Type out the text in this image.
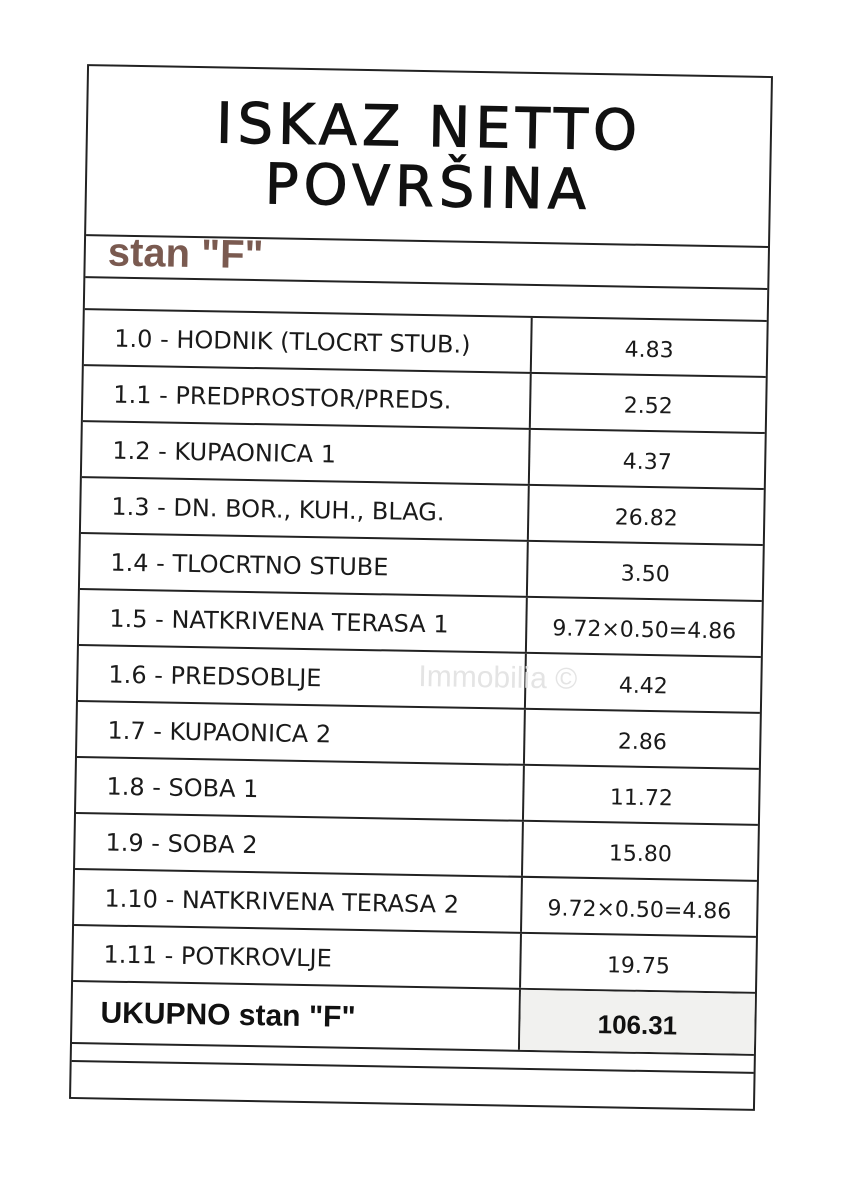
ISKAZ NETTO
POVRŠINA
stan "F"
1.0 - HODNIK (TLOCRT STUB.)	4.83
1.1 - PREDPROSTOR/PREDS.	2.52
1.2 - KUPAONICA 1	4.37
1.3 - DN. BOR., KUH., BLAG.	26.82
1.4 - TLOCRTNO STUBE	3.50
1.5 - NATKRIVENA TERASA 1	9.72×0.50=4.86
1.6 - PREDSOBLJE	4.42
1.7 - KUPAONICA 2	2.86
1.8 - SOBA 1	11.72
1.9 - SOBA 2	15.80
1.10 - NATKRIVENA TERASA 2	9.72×0.50=4.86
1.11 - POTKROVLJE	19.75
UKUPNO stan "F"	106.31
Immobilia ©
